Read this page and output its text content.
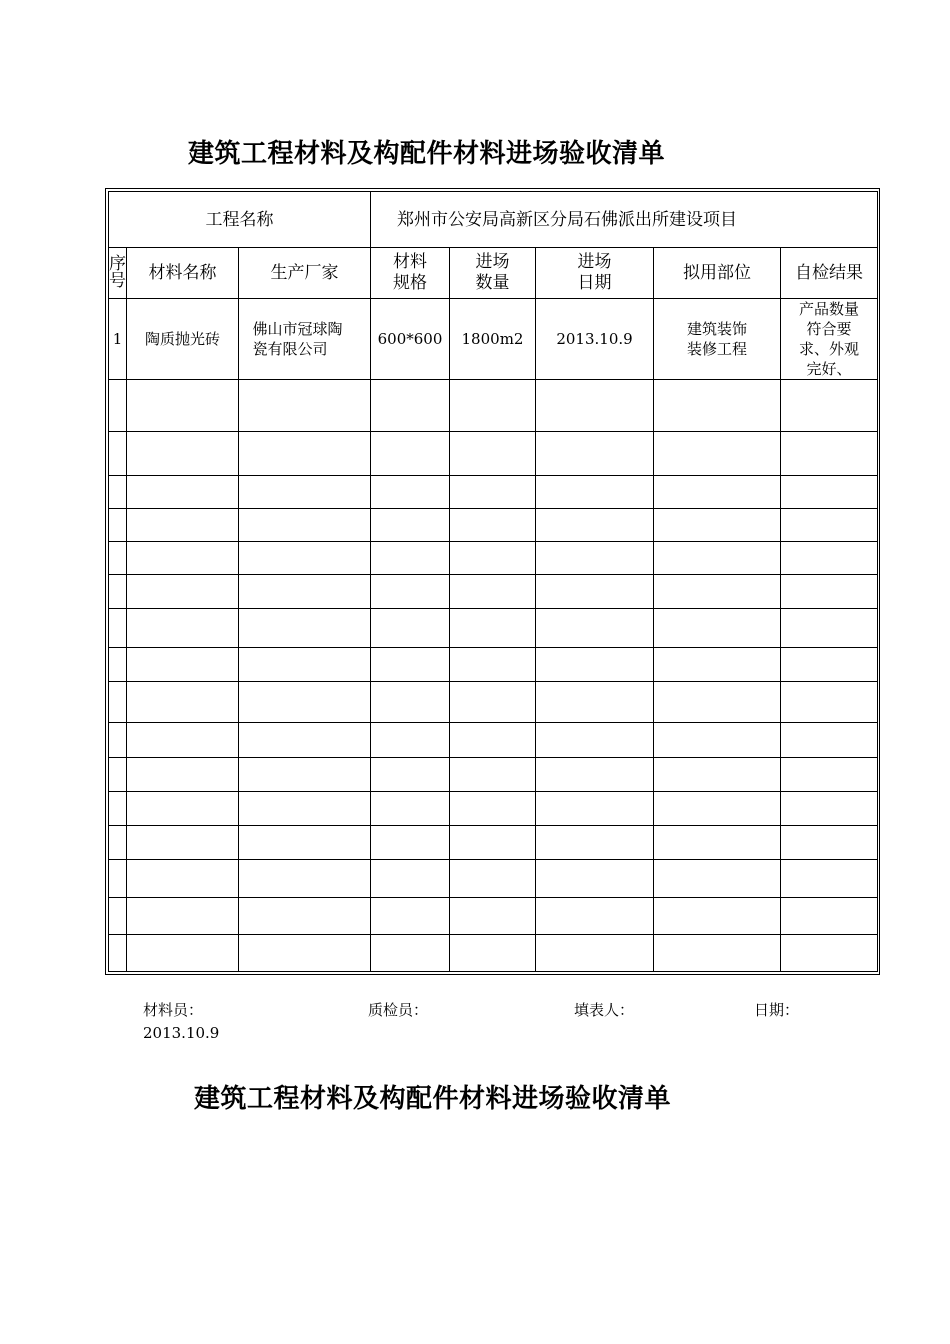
建筑工程材料及构配件材料进场验收清单
工程名称			郑州市公安局高新区分局石佛派出所建设项目				
序号	材料名称	生产厂家	材料规格	进场数量	进场日期	拟用部位	自检结果
1	陶质抛光砖	佛山市冠球陶瓷有限公司	600*600	1800m2	2013.10.9	建筑装饰装修工程	产品数量符合要求、外观完好、

材料员：	质检员：	填表人：	日期：
2013.10.9
建筑工程材料及构配件材料进场验收清单
